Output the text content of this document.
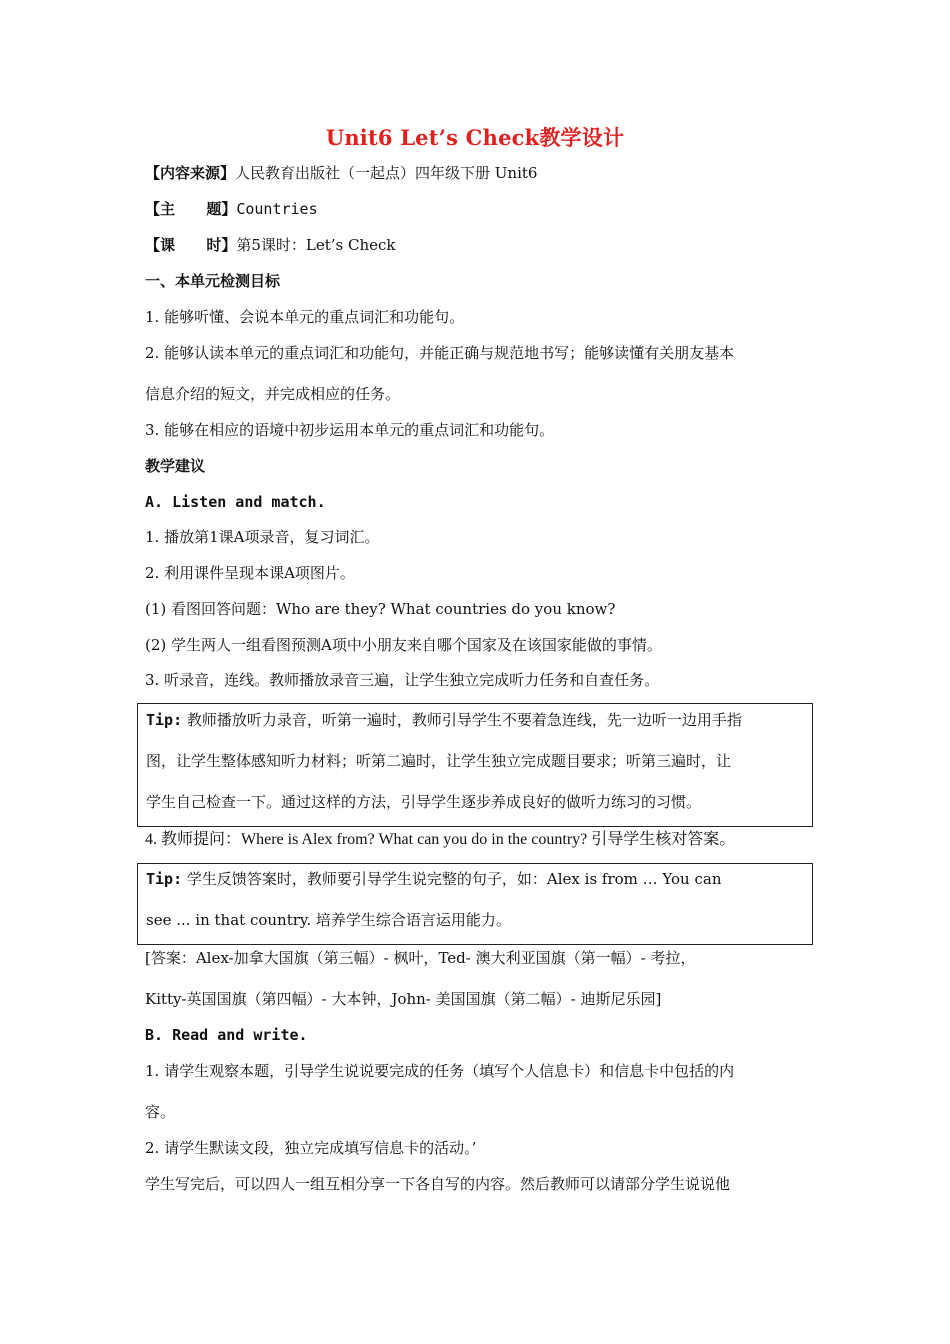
Unit6 Let’s Check教学设计
【内容来源】人民教育出版社（一起点）四年级下册 Unit6
【主      题】Countries
【课      时】第5课时：Let’s Check
一、本单元检测目标
1. 能够听懂、会说本单元的重点词汇和功能句。
2. 能够认读本单元的重点词汇和功能句，并能正确与规范地书写；能够读懂有关朋友基本
信息介绍的短文，并完成相应的任务。
3. 能够在相应的语境中初步运用本单元的重点词汇和功能句。
教学建议
A. Listen and match.
1. 播放第1课A项录音，复习词汇。
2. 利用课件呈现本课A项图片。
(1) 看图回答问题：Who are they? What countries do you know?
(2) 学生两人一组看图预测A项中小朋友来自哪个国家及在该国家能做的事情。
3. 听录音，连线。教师播放录音三遍，让学生独立完成听力任务和自查任务。
Tip: 教师播放听力录音，听第一遍时，教师引导学生不要着急连线，先一边听一边用手指
图，让学生整体感知听力材料；听第二遍时，让学生独立完成题目要求；听第三遍时，让
学生自己检查一下。通过这样的方法，引导学生逐步养成良好的做听力练习的习惯。
4. 教师提问：Where is Alex from? What can you do in the country? 引导学生核对答案。
Tip: 学生反馈答案时，教师要引导学生说完整的句子，如：Alex is from … You can
see ... in that country. 培养学生综合语言运用能力。
[答案：Alex-加拿大国旗（第三幅）- 枫叶，Ted- 澳大利亚国旗（第一幅）- 考拉，
Kitty-英国国旗（第四幅）- 大本钟，John- 美国国旗（第二幅）- 迪斯尼乐园]
B. Read and write.
1. 请学生观察本题，引导学生说说要完成的任务（填写个人信息卡）和信息卡中包括的内
容。
2. 请学生默读文段，独立完成填写信息卡的活动。’
学生写完后，可以四人一组互相分享一下各自写的内容。然后教师可以请部分学生说说他
